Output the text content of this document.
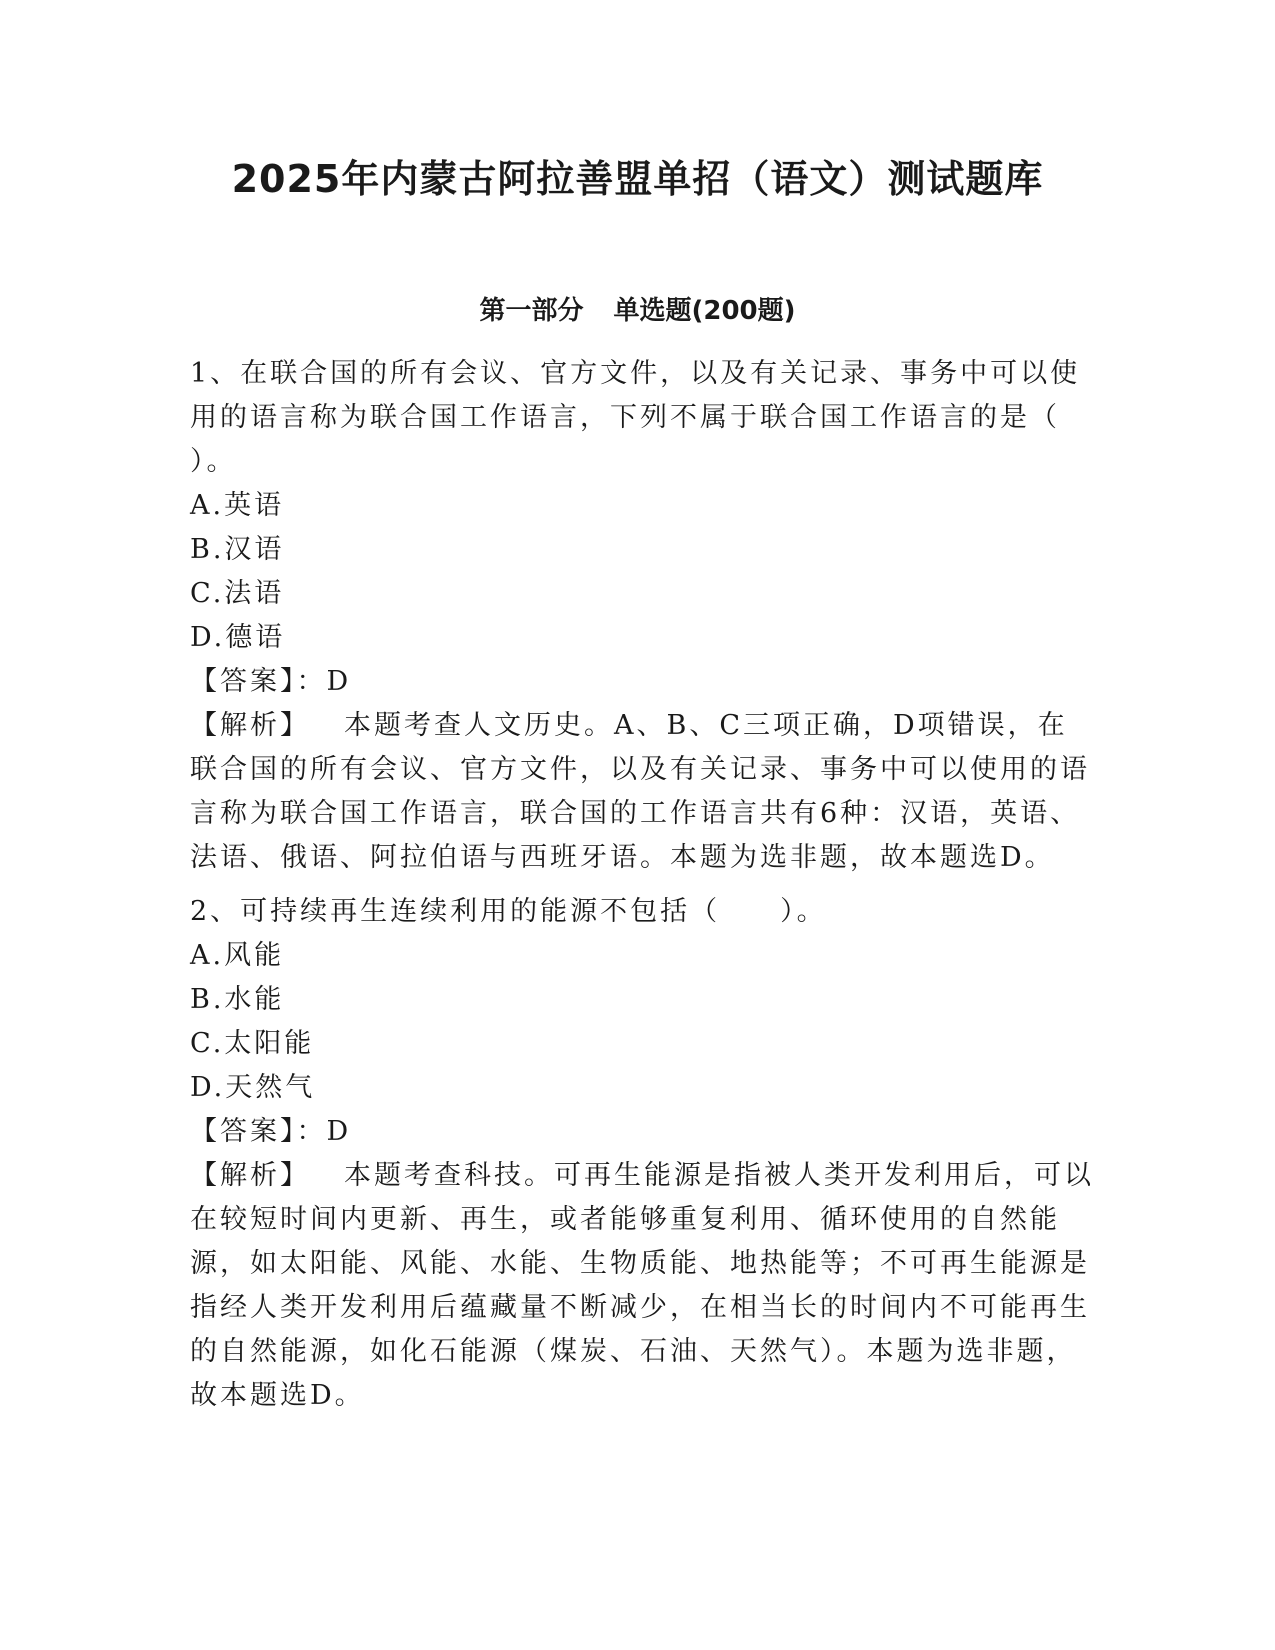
2025年内蒙古阿拉善盟单招（语文）测试题库
第一部分 单选题(200题)

1、在联合国的所有会议、官方文件，以及有关记录、事务中可以使用的语言称为联合国工作语言，下列不属于联合国工作语言的是（　　）。

A.英语

B.汉语

C.法语

D.德语

【答案】：D

【解析】 本题考查人文历史。A、B、C三项正确，D项错误，在联合国的所有会议、官方文件，以及有关记录、事务中可以使用的语言称为联合国工作语言，联合国的工作语言共有6种：汉语，英语、法语、俄语、阿拉伯语与西班牙语。本题为选非题，故本题选D。

2、可持续再生连续利用的能源不包括（　　）。

A.风能

B.水能

C.太阳能

D.天然气

【答案】：D

【解析】 本题考查科技。可再生能源是指被人类开发利用后，可以在较短时间内更新、再生，或者能够重复利用、循环使用的自然能源，如太阳能、风能、水能、生物质能、地热能等；不可再生能源是指经人类开发利用后蕴藏量不断减少，在相当长的时间内不可能再生的自然能源，如化石能源（煤炭、石油、天然气）。本题为选非题，故本题选D。
